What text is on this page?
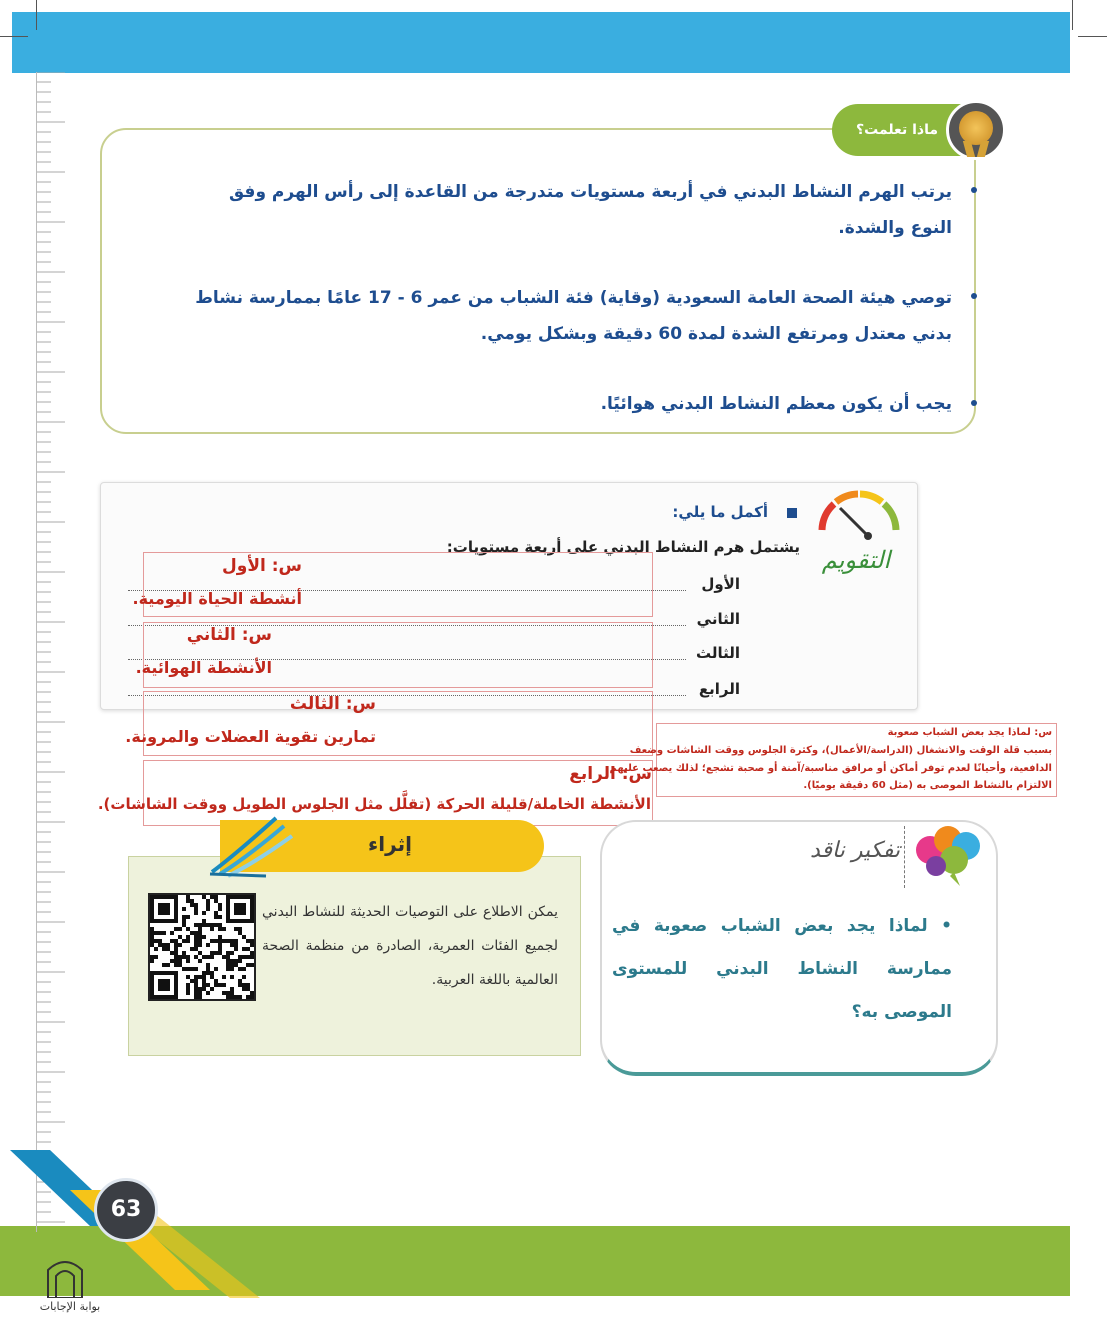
ماذا تعلمت؟
يرتب الهرم النشاط البدني في أربعة مستويات متدرجة من القاعدة إلى رأس الهرم وفق النوع والشدة.
توصي هيئة الصحة العامة السعودية (وقاية) فئة الشباب من عمر 6 - 17 عامًا بممارسة نشاط بدني معتدل ومرتفع الشدة لمدة 60 دقيقة وبشكل يومي.
يجب أن يكون معظم النشاط البدني هوائيًا.
التقويم
أكمل ما يلي:
يشتمل هرم النشاط البدني على أربعة مستويات:
الأول
الثاني
الثالث
الرابع
س: الأول
أنشطة الحياة اليومية.
س: الثاني
الأنشطة الهوائية.
س: الثالث
تمارين تقوية العضلات والمرونة.
س: الرابع
الأنشطة الخاملة/قليلة الحركة (تقلَّل مثل الجلوس الطويل ووقت الشاشات).
س: لماذا يجد بعض الشباب صعوبة
بسبب قلة الوقت والانشغال (الدراسة/الأعمال)، وكثرة الجلوس ووقت الشاشات وضعف
الدافعية، وأحيانًا لعدم توفر أماكن أو مرافق مناسبة/آمنة أو صحبة تشجع؛ لذلك يصعب عليهم
الالتزام بالنشاط الموصى به (مثل 60 دقيقة يوميًا).
إثراء
يمكن الاطلاع على التوصيات الحديثة للنشاط البدني لجميع الفئات العمرية، الصادرة من منظمة الصحة العالمية باللغة العربية.
تفكير ناقد
• لماذا يجد بعض الشباب صعوبة في ممارسة النشاط البدني للمستوى الموصى به؟
63
بوابة الإجابات
